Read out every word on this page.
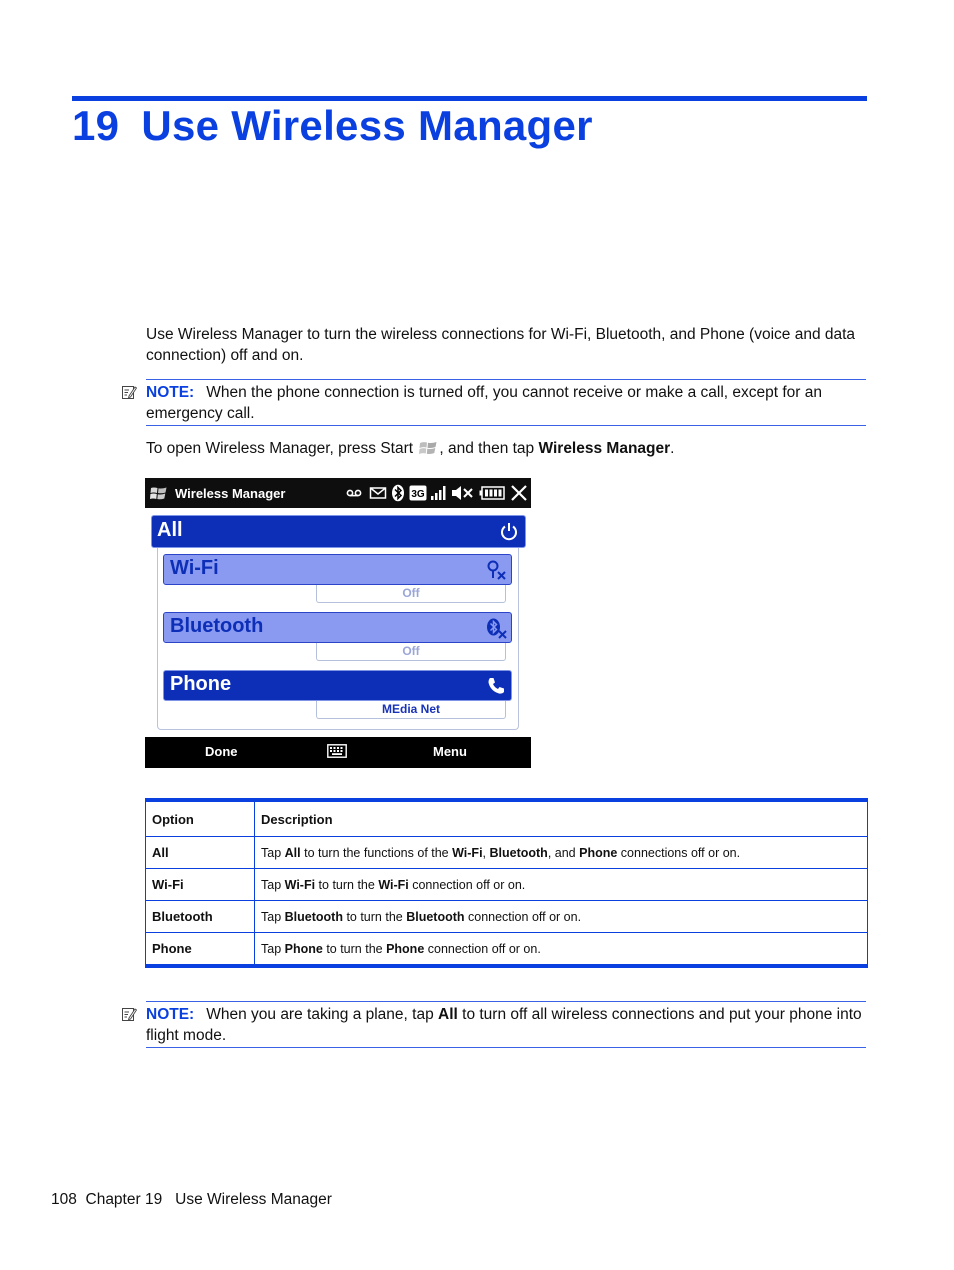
19 Use Wireless Manager
Use Wireless Manager to turn the wireless connections for Wi-Fi, Bluetooth, and Phone (voice and data connection) off and on.
NOTE: When the phone connection is turned off, you cannot receive or make a call, except for an emergency call.
To open Wireless Manager, press Start , and then tap Wireless Manager.
Wireless Manager	3G
All
Wi-Fi
Off
Bluetooth
Off
Phone
MEdia Net
Done	Menu
Option	Description
All	Tap All to turn the functions of the Wi-Fi, Bluetooth, and Phone connections off or on.
Wi-Fi	Tap Wi-Fi to turn the Wi-Fi connection off or on.
Bluetooth	Tap Bluetooth to turn the Bluetooth connection off or on.
Phone	Tap Phone to turn the Phone connection off or on.
NOTE: When you are taking a plane, tap All to turn off all wireless connections and put your phone into flight mode.
108 Chapter 19 Use Wireless Manager
